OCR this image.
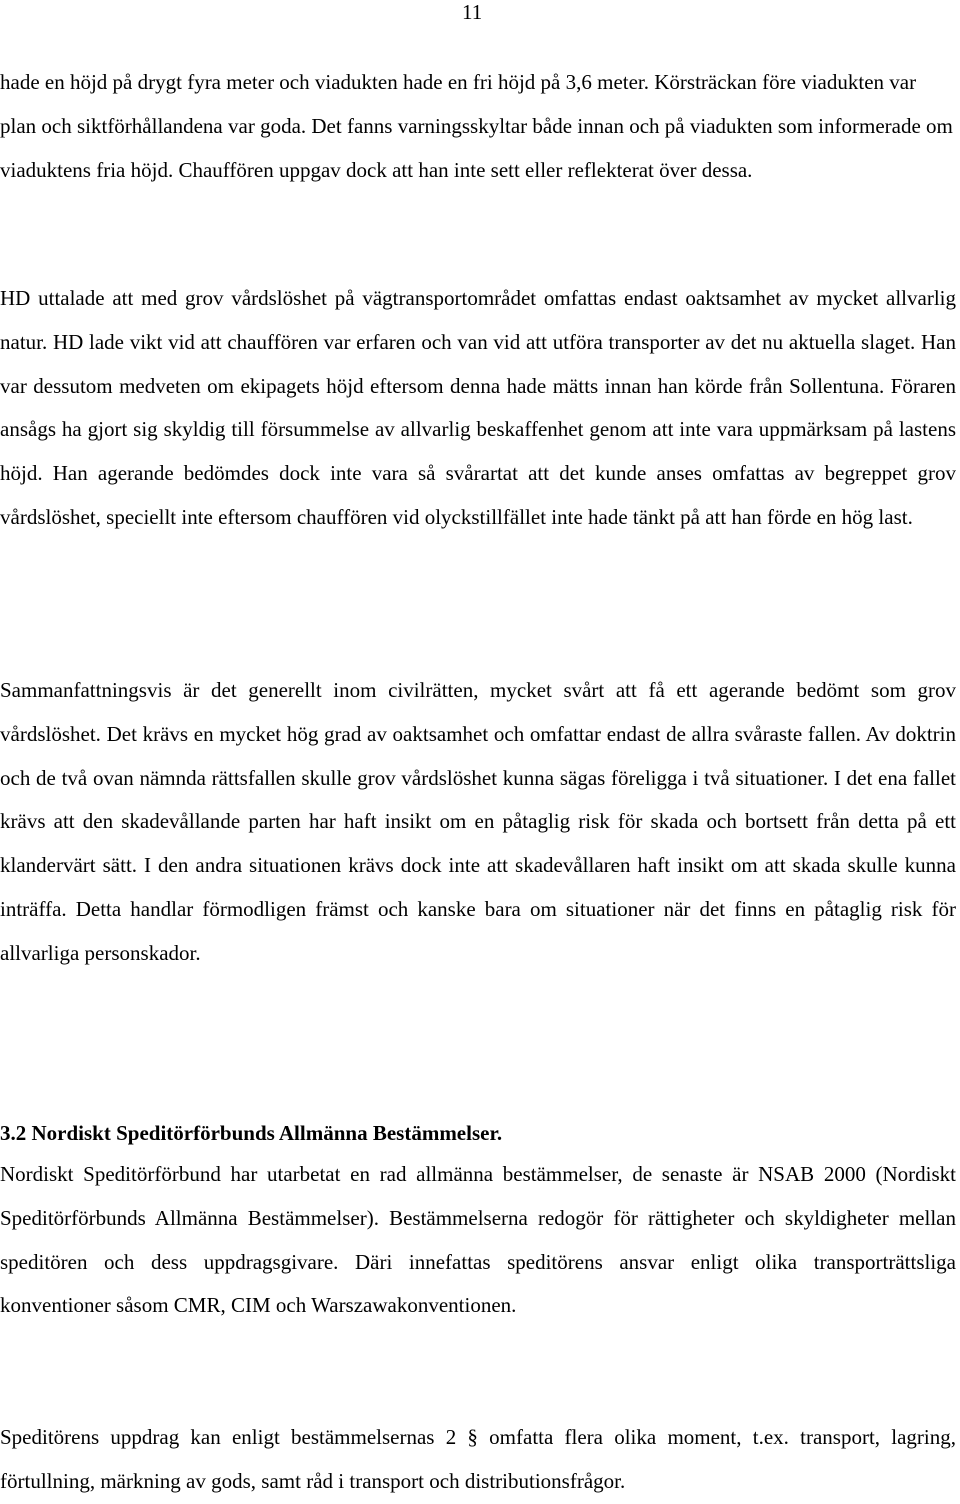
11

hade en höjd på drygt fyra meter och viadukten hade en fri höjd på 3,6 meter. Körsträckan före viadukten var plan och siktförhållandena var goda. Det fanns varningsskyltar både innan och på viadukten som informerade om viaduktens fria höjd. Chauffören uppgav dock att han inte sett eller reflekterat över dessa.

HD uttalade att med grov vårdslöshet på vägtransportområdet omfattas endast oaktsamhet av mycket allvarlig natur. HD lade vikt vid att chauffören var erfaren och van vid att utföra transporter av det nu aktuella slaget. Han var dessutom medveten om ekipagets höjd eftersom denna hade mätts innan han körde från Sollentuna. Föraren ansågs ha gjort sig skyldig till försummelse av allvarlig beskaffenhet genom att inte vara uppmärksam på lastens höjd. Han agerande bedömdes dock inte vara så svårartat att det kunde anses omfattas av begreppet grov vårdslöshet, speciellt inte eftersom chauffören vid olyckstillfället inte hade tänkt på att han förde en hög last.

Sammanfattningsvis är det generellt inom civilrätten, mycket svårt att få ett agerande bedömt som grov vårdslöshet. Det krävs en mycket hög grad av oaktsamhet och omfattar endast de allra svåraste fallen. Av doktrin och de två ovan nämnda rättsfallen skulle grov vårdslöshet kunna sägas föreligga i två situationer. I det ena fallet krävs att den skadevållande parten har haft insikt om en påtaglig risk för skada och bortsett från detta på ett klandervärt sätt. I den andra situationen krävs dock inte att skadevållaren haft insikt om att skada skulle kunna inträffa. Detta handlar förmodligen främst och kanske bara om situationer när det finns en påtaglig risk för allvarliga personskador.

3.2 Nordiskt Speditörförbunds Allmänna Bestämmelser.

Nordiskt Speditörförbund har utarbetat en rad allmänna bestämmelser, de senaste är NSAB 2000 (Nordiskt Speditörförbunds Allmänna Bestämmelser). Bestämmelserna redogör för rättigheter och skyldigheter mellan speditören och dess uppdragsgivare. Däri innefattas speditörens ansvar enligt olika transporträttsliga konventioner såsom CMR, CIM och Warszawakonventionen.

Speditörens uppdrag kan enligt bestämmelsernas 2 § omfatta flera olika moment, t.ex. transport, lagring, förtullning, märkning av gods, samt råd i transport och distributionsfrågor.
